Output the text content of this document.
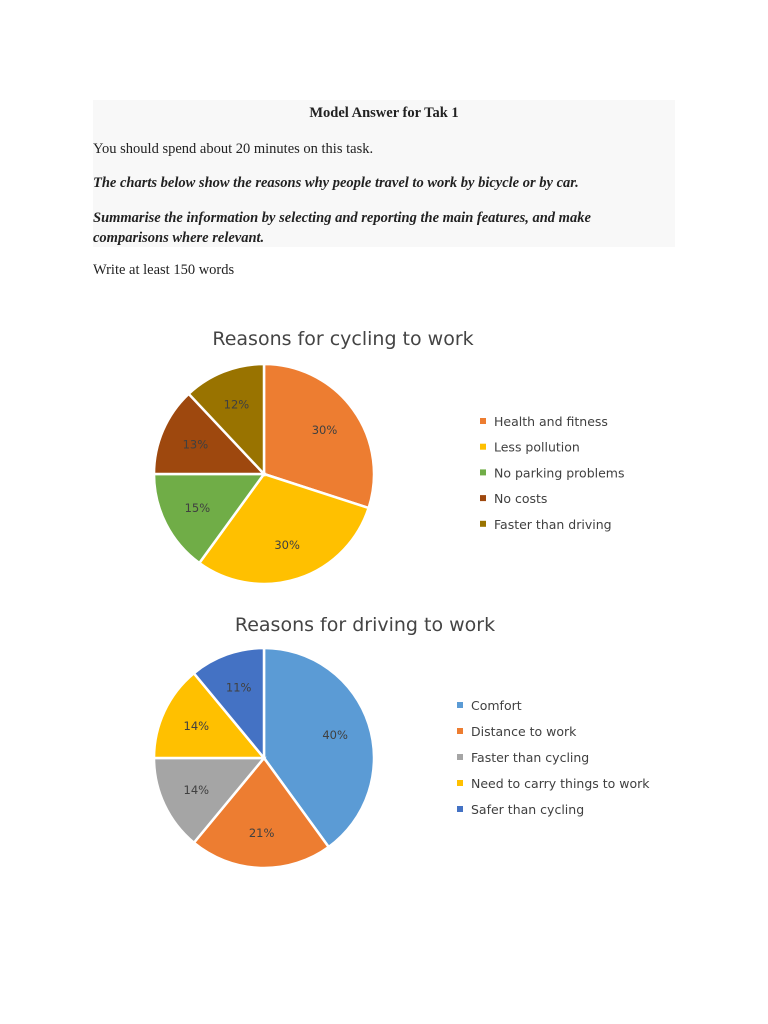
Model Answer for Tak 1
You should spend about 20 minutes on this task.
The charts below show the reasons why people travel to work by bicycle or by car.
Summarise the information by selecting and reporting the main features, and make comparisons where relevant.
Write at least 150 words
Reasons for cycling to work
30%
30%
15%
13%
12%
Health and fitness
Less pollution
No parking problems
No costs
Faster than driving
Reasons for driving to work
40%
21%
14%
14%
11%
Comfort
Distance to work
Faster than cycling
Need to carry things to work
Safer than cycling
